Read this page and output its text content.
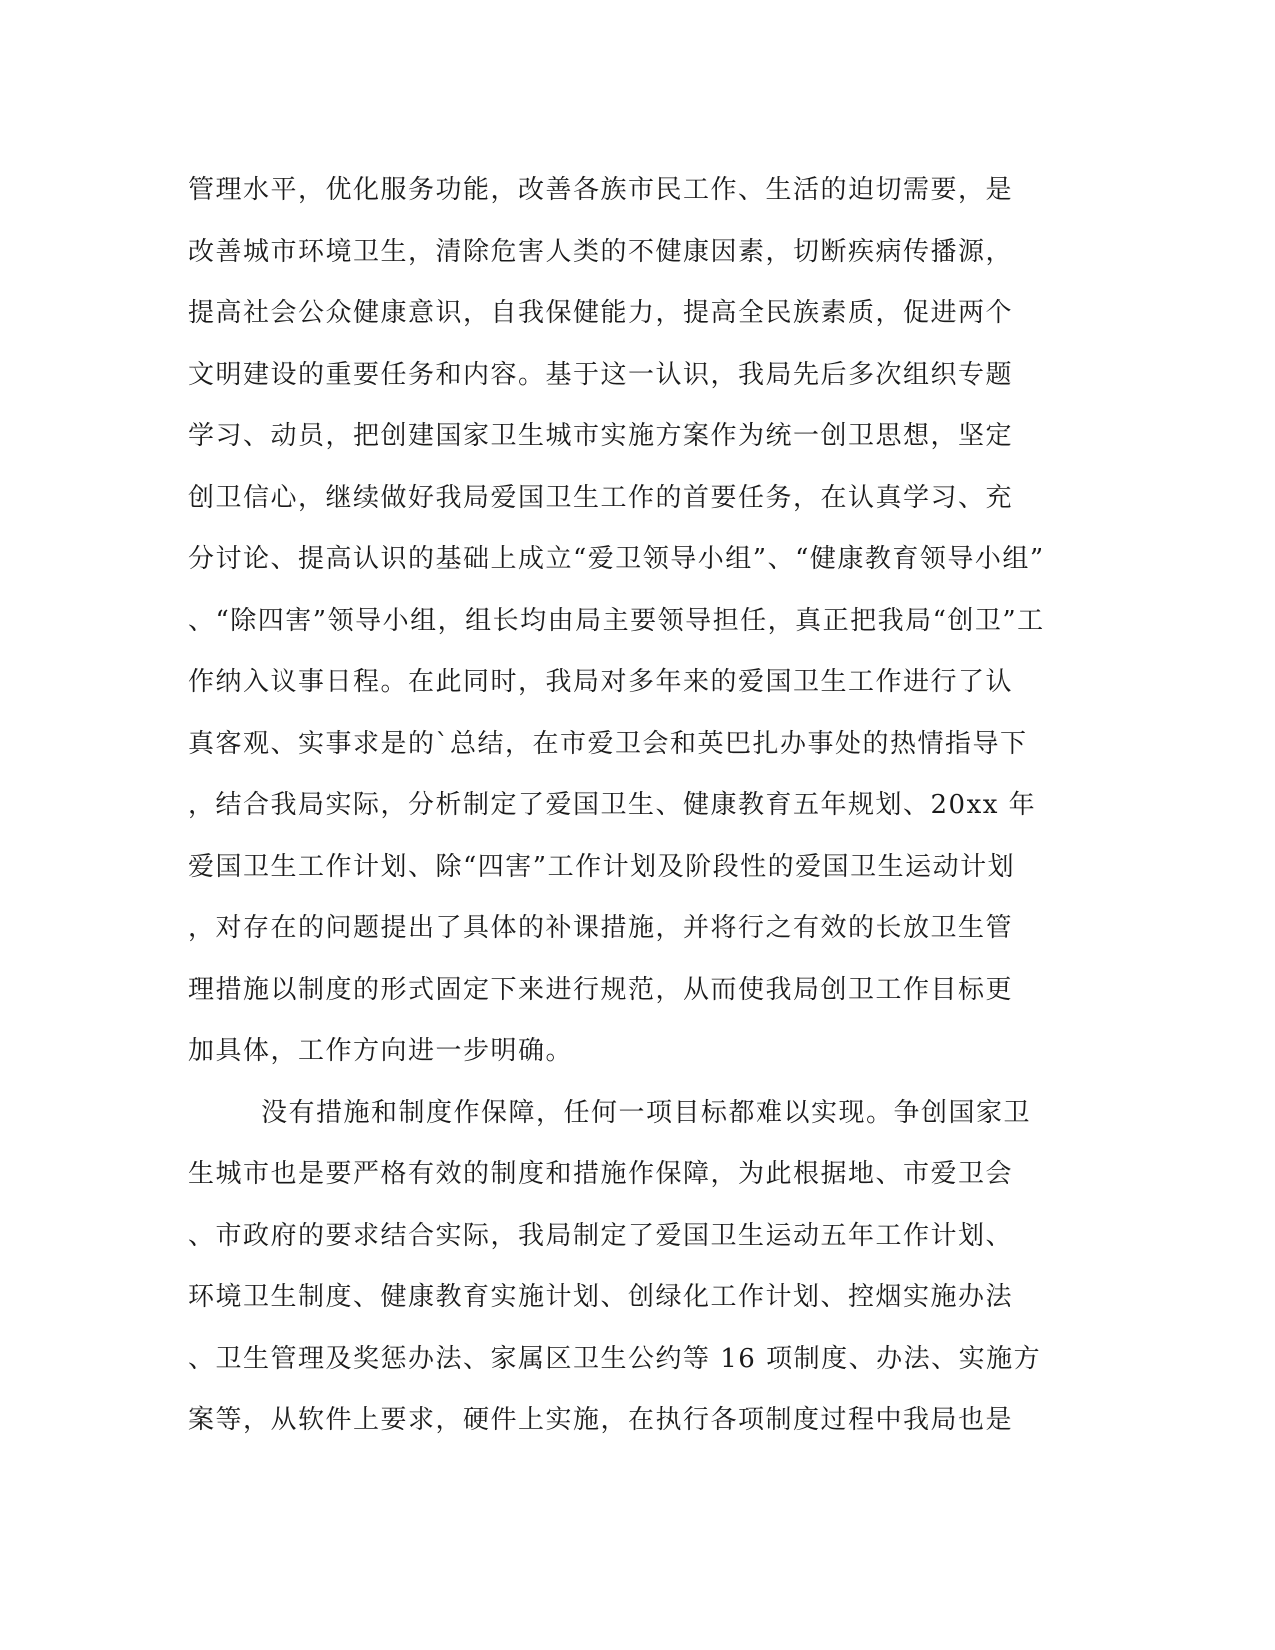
管理水平，优化服务功能，改善各族市民工作、生活的迫切需要，是
改善城市环境卫生，清除危害人类的不健康因素，切断疾病传播源，
提高社会公众健康意识，自我保健能力，提高全民族素质，促进两个
文明建设的重要任务和内容。基于这一认识，我局先后多次组织专题
学习、动员，把创建国家卫生城市实施方案作为统一创卫思想，坚定
创卫信心，继续做好我局爱国卫生工作的首要任务，在认真学习、充
分讨论、提高认识的基础上成立“爱卫领导小组”、“健康教育领导小组”
、“除四害”领导小组，组长均由局主要领导担任，真正把我局“创卫”工
作纳入议事日程。在此同时，我局对多年来的爱国卫生工作进行了认
真客观、实事求是的`总结，在市爱卫会和英巴扎办事处的热情指导下
，结合我局实际，分析制定了爱国卫生、健康教育五年规划、20xx 年
爱国卫生工作计划、除“四害”工作计划及阶段性的爱国卫生运动计划
，对存在的问题提出了具体的补课措施，并将行之有效的长放卫生管
理措施以制度的形式固定下来进行规范，从而使我局创卫工作目标更
加具体，工作方向进一步明确。
没有措施和制度作保障，任何一项目标都难以实现。争创国家卫
生城市也是要严格有效的制度和措施作保障，为此根据地、市爱卫会
、市政府的要求结合实际，我局制定了爱国卫生运动五年工作计划、
环境卫生制度、健康教育实施计划、创绿化工作计划、控烟实施办法
、卫生管理及奖惩办法、家属区卫生公约等 16 项制度、办法、实施方
案等，从软件上要求，硬件上实施，在执行各项制度过程中我局也是
